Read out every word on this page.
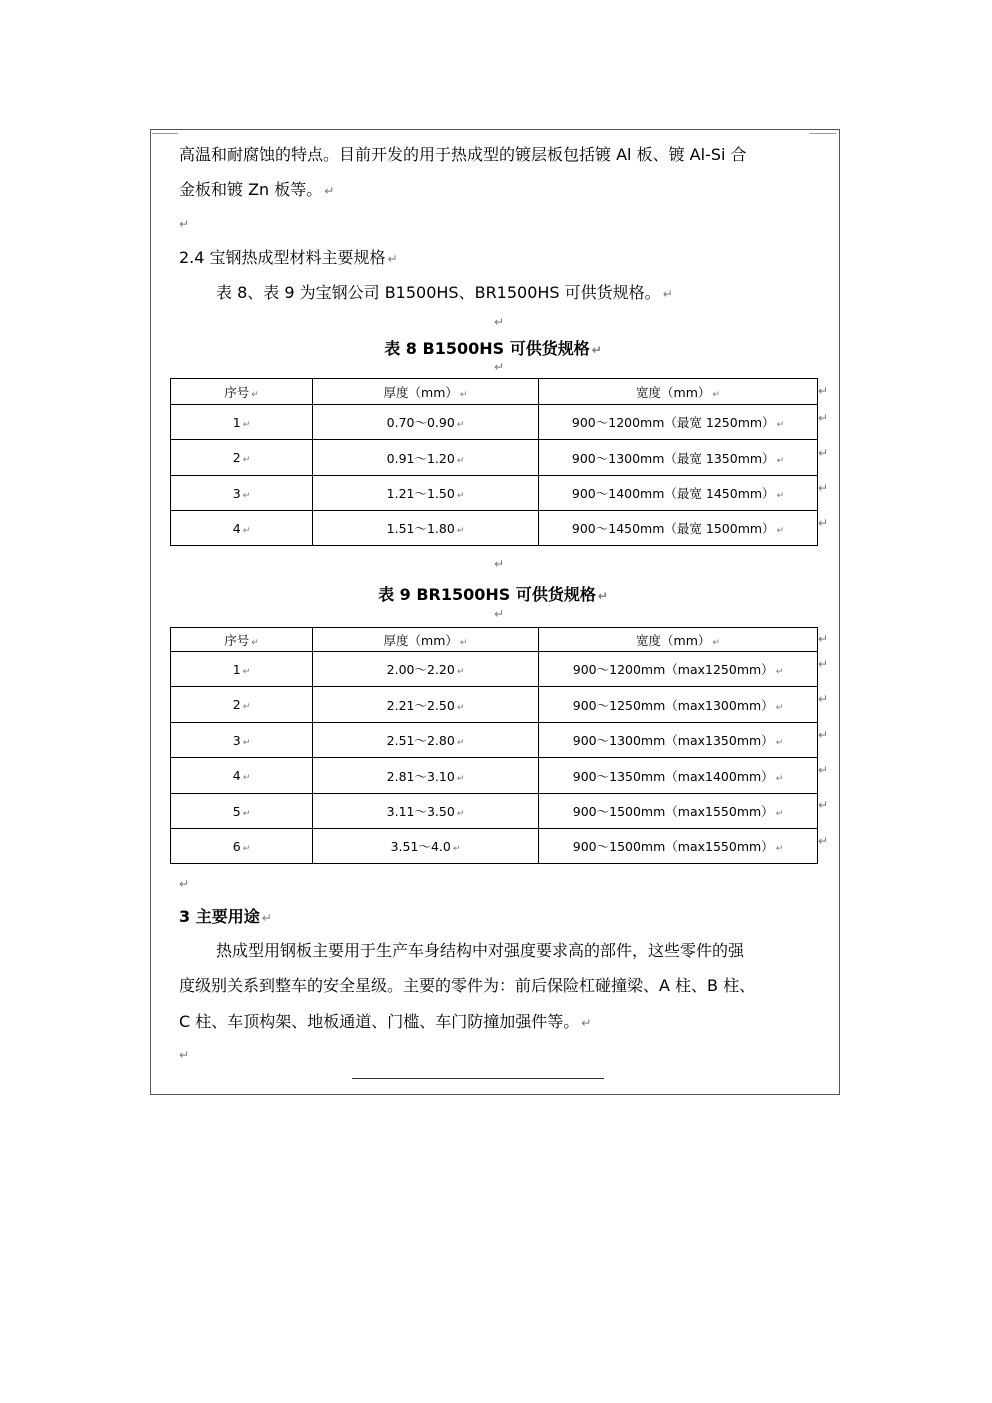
高温和耐腐蚀的特点。目前开发的用于热成型的镀层板包括镀 Al 板、镀 Al-Si 合
金板和镀 Zn 板等。 ↵
↵
2.4 宝钢热成型材料主要规格 ↵
表 8、表 9 为宝钢公司 B1500HS、BR1500HS 可供货规格。 ↵
↵
表 8 B1500HS 可供货规格 ↵
↵
序号 ↵	厚度（mm） ↵	宽度（mm） ↵
1 ↵	0.70～0.90 ↵	900～1200mm（最宽 1250mm） ↵
2 ↵	0.91～1.20 ↵	900～1300mm（最宽 1350mm） ↵
3 ↵	1.21～1.50 ↵	900～1400mm（最宽 1450mm） ↵
4 ↵	1.51～1.80 ↵	900～1450mm（最宽 1500mm） ↵
↵
↵
↵
↵
↵
↵
表 9 BR1500HS 可供货规格 ↵
↵
序号 ↵	厚度（mm） ↵	宽度（mm） ↵
1 ↵	2.00～2.20 ↵	900～1200mm（max1250mm） ↵
2 ↵	2.21～2.50 ↵	900～1250mm（max1300mm） ↵
3 ↵	2.51～2.80 ↵	900～1300mm（max1350mm） ↵
4 ↵	2.81～3.10 ↵	900～1350mm（max1400mm） ↵
5 ↵	3.11～3.50 ↵	900～1500mm（max1550mm） ↵
6 ↵	3.51～4.0 ↵	900～1500mm（max1550mm） ↵
↵
↵
↵
↵
↵
↵
↵
↵
3 主要用途 ↵
热成型用钢板主要用于生产车身结构中对强度要求高的部件，这些零件的强
度级别关系到整车的安全星级。主要的零件为：前后保险杠碰撞梁、A 柱、B 柱、
C 柱、车顶构架、地板通道、门槛、车门防撞加强件等。 ↵
↵
